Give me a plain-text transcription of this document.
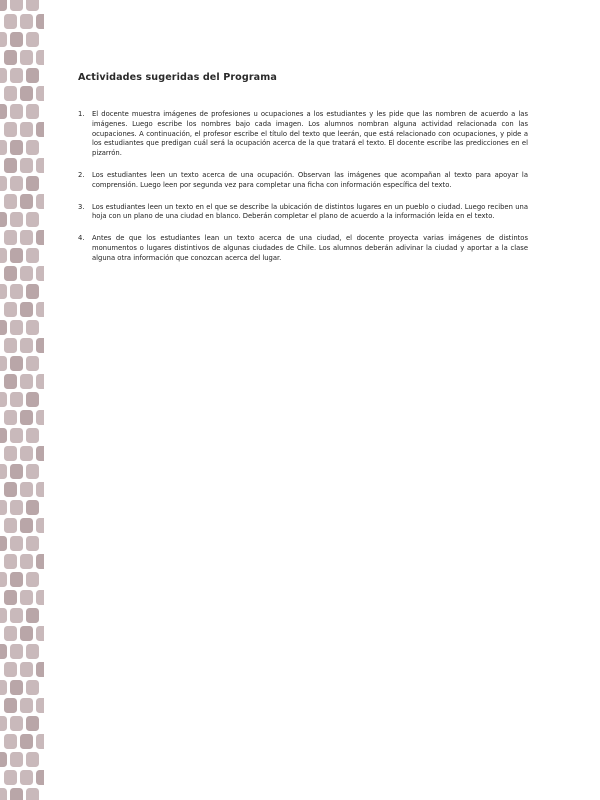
Actividades sugeridas del Programa
1. El docente muestra imágenes de profesiones u ocupaciones a los estudiantes y les pide que las nombren de acuerdo a las imágenes. Luego escribe los nombres bajo cada imagen. Los alumnos nombran alguna actividad relacionada con las ocupaciones. A continuación, el profesor escribe el título del texto que leerán, que está relacionado con ocupaciones, y pide a los estudiantes que predigan cuál será la ocupación acerca de la que tratará el texto. El docente escribe las predicciones en el pizarrón.
2. Los estudiantes leen un texto acerca de una ocupación. Observan las imágenes que acompañan al texto para apoyar la comprensión. Luego leen por segunda vez para completar una ficha con información específica del texto.
3. Los estudiantes leen un texto en el que se describe la ubicación de distintos lugares en un pueblo o ciudad. Luego reciben una hoja con un plano de una ciudad en blanco. Deberán completar el plano de acuerdo a la información leída en el texto.
4. Antes de que los estudiantes lean un texto acerca de una ciudad, el docente proyecta varias imágenes de distintos monumentos o lugares distintivos de algunas ciudades de Chile. Los alumnos deberán adivinar la ciudad y aportar a la clase alguna otra información que conozcan acerca del lugar.
